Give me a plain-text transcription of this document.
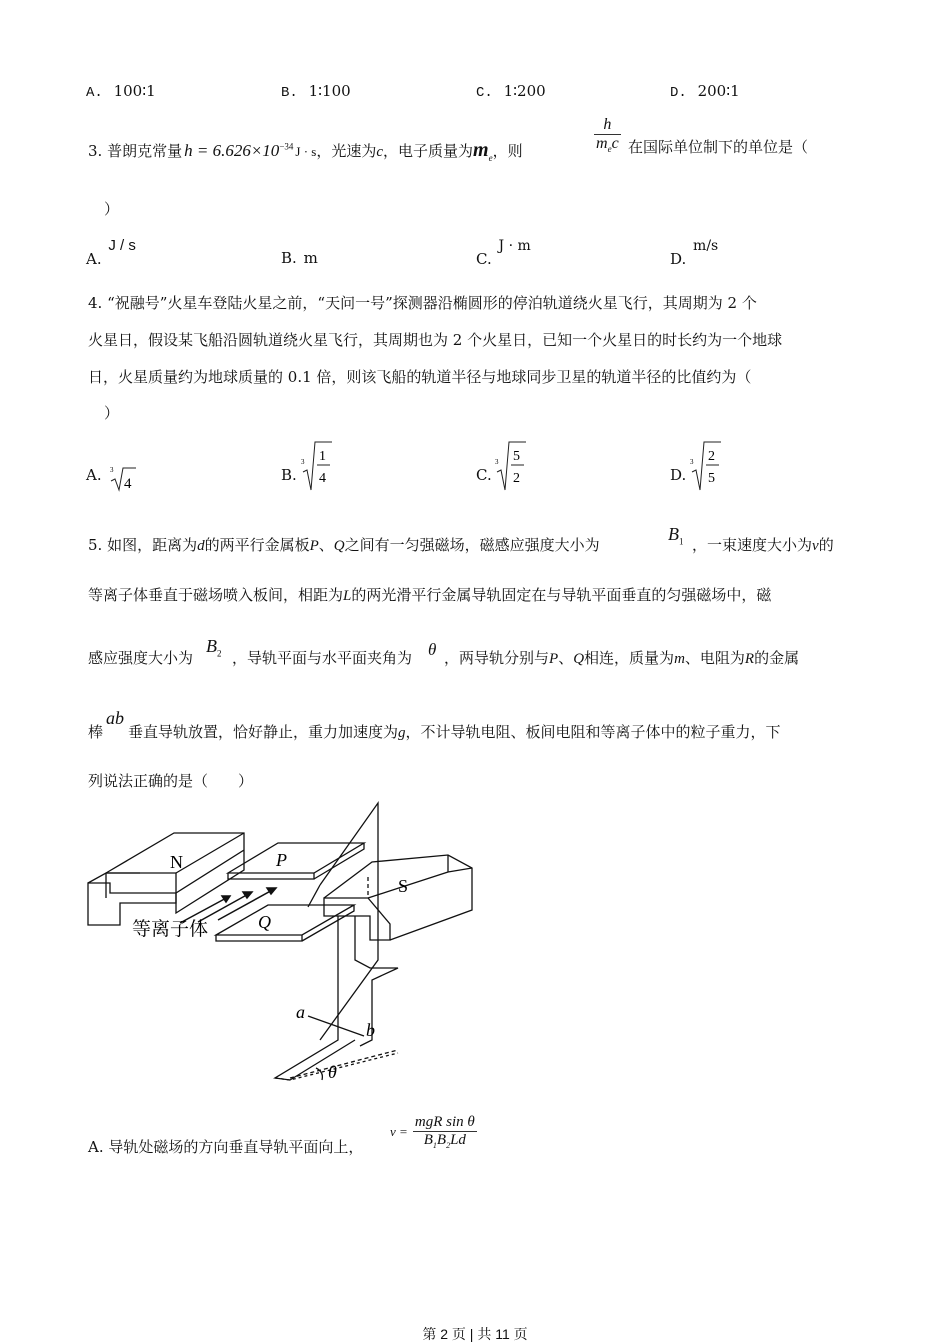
A. 100∶1	B. 1∶100	C. 1∶200	D. 200∶1
3. 普朗克常量 $h = 6.626\times 10^{-34}$ J · s，光速为c，电子质量为$m_e$，则	$\frac{h}{m_ec}$ 在国际单位制下的单位是（
）
A. J / s
B. m	C. J · m
D. m/s
4. “祝融号”火星车登陆火星之前，“天问一号”探测器沿椭圆形的停泊轨道绕火星飞行，其周期为 2 个
火星日，假设某飞船沿圆轨道绕火星飞行，其周期也为 2 个火星日，已知一个火星日的时长约为一个地球
日，火星质量约为地球质量的 0.1 倍，则该飞船的轨道半径与地球同步卫星的轨道半径的比值约为（
）
A. 3
4	B.
3 1
4	C.
3 5
2	D.
3 2
5
5. 如图，距离为d的两平行金属板P、Q之间有一匀强磁场，磁感应强度大小为
$B_1$ ，一束速度大小为v的
等离子体垂直于磁场喷入板间，相距为L的两光滑平行金属导轨固定在与导轨平面垂直的匀强磁场中，磁
感应强度大小为
$B_2$ ，导轨平面与水平面夹角为 θ ，两导轨分别与P、Q相连，质量为m、电阻为R的金属
棒
ab
垂直导轨放置，恰好静止，重力加速度为g，不计导轨电阻、板间电阻和等离子体中的粒子重力，下
列说法正确的是（　　）
N	P
S
Q
等离子体
a
b
θ
A. 导轨处磁场的方向垂直导轨平面向上，
$v = \frac{\text{mgR sin θ}}{B_1B_2Ld}$
第 2 页 | 共 11 页
